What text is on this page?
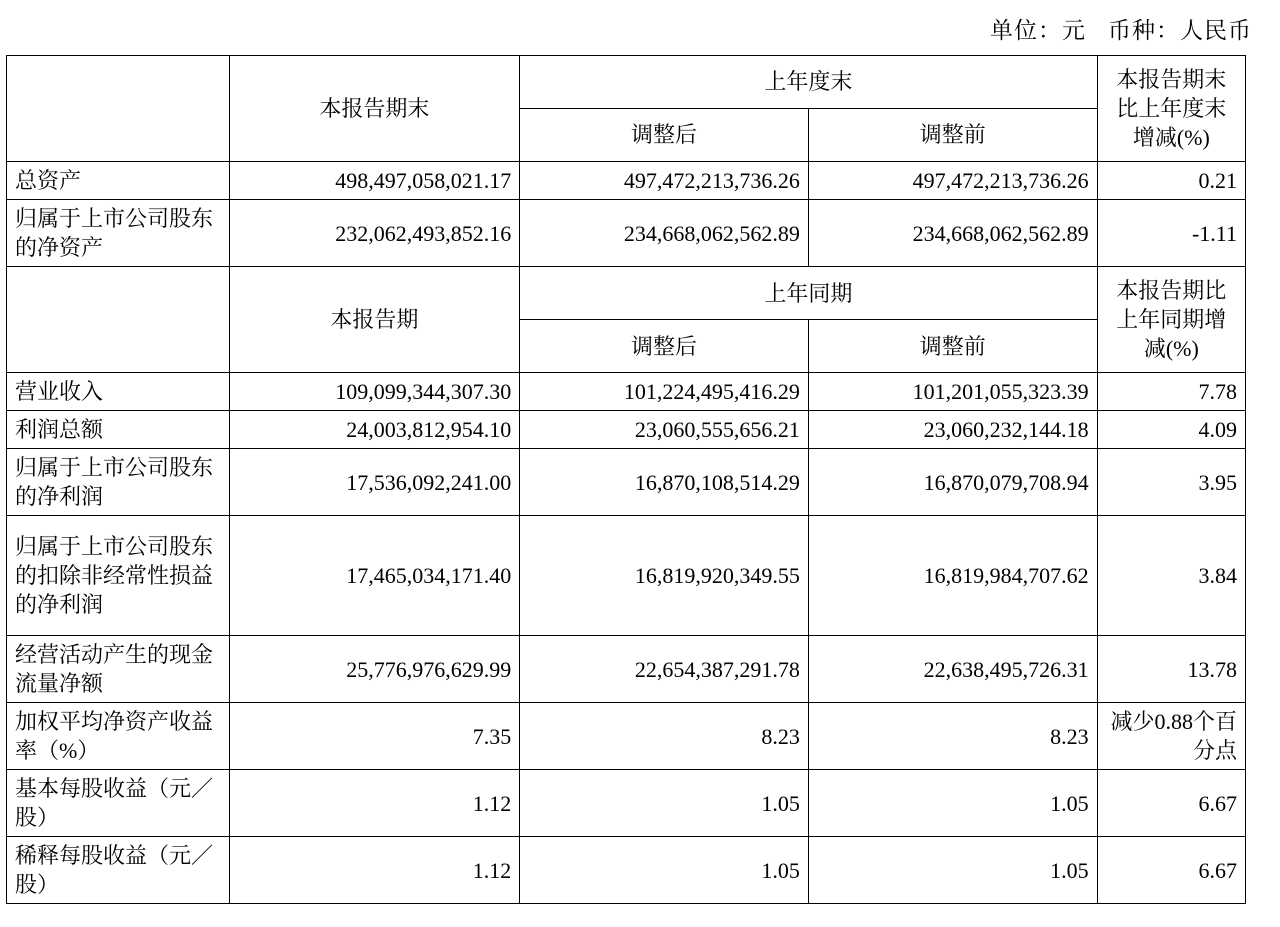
单位：元 币种：人民币
	本报告期末	上年度末		本报告期末比上年度末增减(%)
		调整后	调整前	
总资产	498,497,058,021.17	497,472,213,736.26	497,472,213,736.26	0.21
归属于上市公司股东的净资产	232,062,493,852.16	234,668,062,562.89	234,668,062,562.89	-1.11
	本报告期	上年同期		本报告期比上年同期增减(%)
		调整后	调整前	
营业收入	109,099,344,307.30	101,224,495,416.29	101,201,055,323.39	7.78
利润总额	24,003,812,954.10	23,060,555,656.21	23,060,232,144.18	4.09
归属于上市公司股东的净利润	17,536,092,241.00	16,870,108,514.29	16,870,079,708.94	3.95
归属于上市公司股东的扣除非经常性损益的净利润	17,465,034,171.40	16,819,920,349.55	16,819,984,707.62	3.84
经营活动产生的现金流量净额	25,776,976,629.99	22,654,387,291.78	22,638,495,726.31	13.78
加权平均净资产收益率（%）	7.35	8.23	8.23	减少0.88个百分点
基本每股收益（元／股）	1.12	1.05	1.05	6.67
稀释每股收益（元／股）	1.12	1.05	1.05	6.67
